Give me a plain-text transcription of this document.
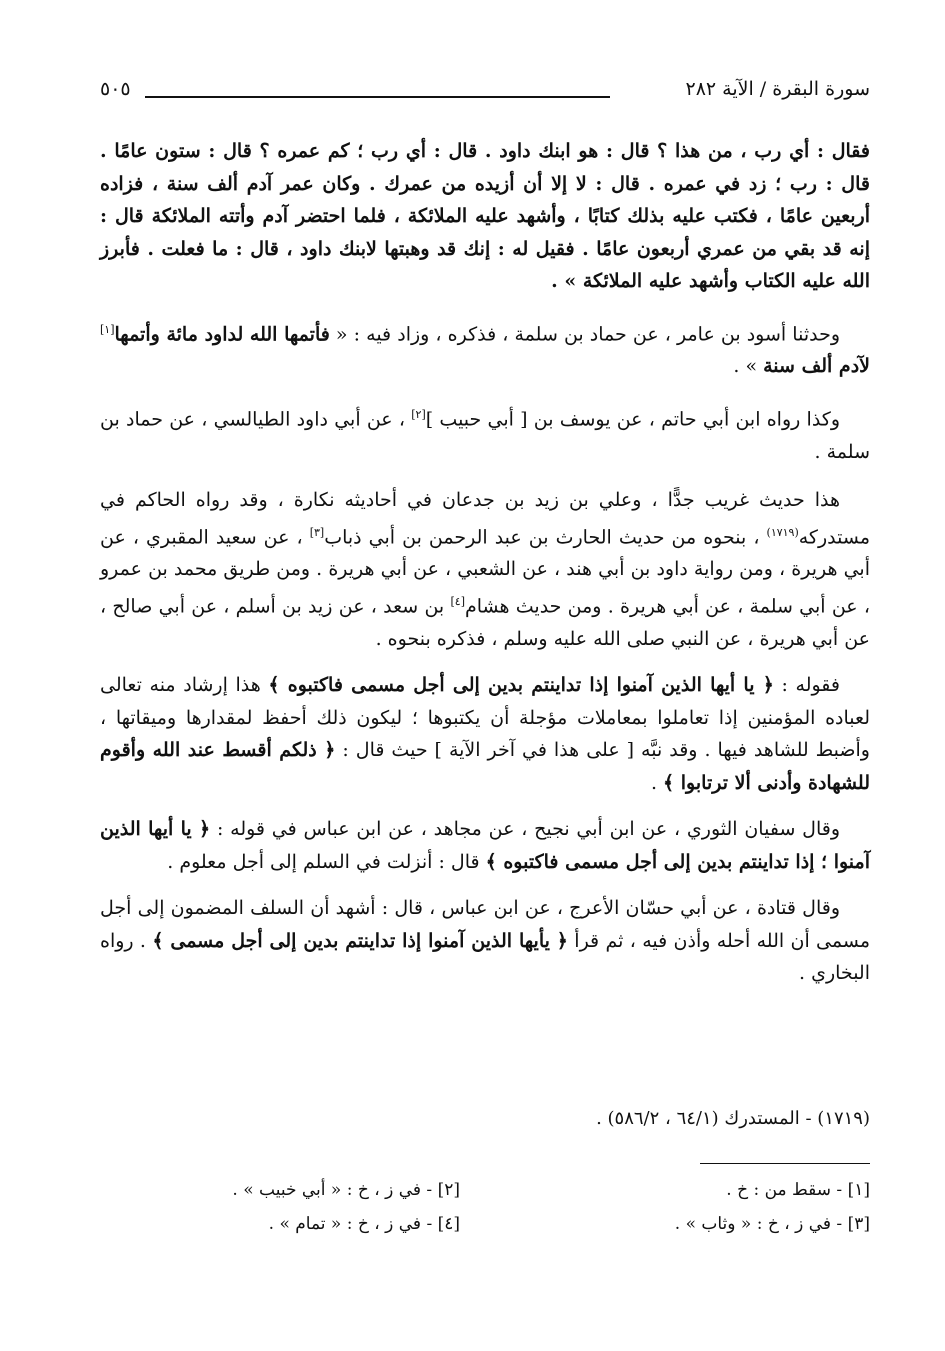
سورة البقرة / الآية ٢٨٢
٥٠٥

فقال : أي رب ، من هذا ؟ قال : هو ابنك داود . قال : أي رب ؛ كم عمره ؟ قال : ستون عامًا . قال : رب ؛ زد في عمره . قال : لا إلا أن أزيده من عمرك . وكان عمر آدم ألف سنة ، فزاده أربعين عامًا ، فكتب عليه بذلك كتابًا ، وأشهد عليه الملائكة ، فلما احتضر آدم وأتته الملائكة قال : إنه قد بقي من عمري أربعون عامًا . فقيل له : إنك قد وهبتها لابنك داود ، قال : ما فعلت . فأبرز الله عليه الكتاب وأشهد عليه الملائكة » .

وحدثنا أسود بن عامر ، عن حماد بن سلمة ، فذكره ، وزاد فيه : « فأتمها الله لداود مائة وأتمها[١] لآدم ألف سنة » .

وكذا رواه ابن أبي حاتم ، عن يوسف بن [ أبي حبيب ][٢] ، عن أبي داود الطيالسي ، عن حماد بن سلمة .

هذا حديث غريب جدًّا ، وعلي بن زيد بن جدعان في أحاديثه نكارة ، وقد رواه الحاكم في مستدركه$^{(١٧١٩)}$ ، بنحوه من حديث الحارث بن عبد الرحمن بن أبي ذباب[٣] ، عن سعيد المقبري ، عن أبي هريرة ، ومن رواية داود بن أبي هند ، عن الشعبي ، عن أبي هريرة . ومن طريق محمد بن عمرو ، عن أبي سلمة ، عن أبي هريرة . ومن حديث هشام[٤] بن سعد ، عن زيد بن أسلم ، عن أبي صالح ، عن أبي هريرة ، عن النبي صلى الله عليه وسلم ، فذكره بنحوه .

فقوله : ﴿ يا أيها الذين آمنوا إذا تداينتم بدين إلى أجل مسمى فاكتبوه ﴾ هذا إرشاد منه تعالى لعباده المؤمنين إذا تعاملوا بمعاملات مؤجلة أن يكتبوها ؛ ليكون ذلك أحفظ لمقدارها وميقاتها ، وأضبط للشاهد فيها . وقد نبَّه [ على هذا في آخر الآية ] حيث قال : ﴿ ذلكم أقسط عند الله وأقوم للشهادة وأدنى ألا ترتابوا ﴾ .

وقال سفيان الثوري ، عن ابن أبي نجيح ، عن مجاهد ، عن ابن عباس في قوله : ﴿ يا أيها الذين آمنوا ؛ إذا تداينتم بدين إلى أجل مسمى فاكتبوه ﴾ قال : أنزلت في السلم إلى أجل معلوم .

وقال قتادة ، عن أبي حسّان الأعرج ، عن ابن عباس ، قال : أشهد أن السلف المضمون إلى أجل مسمى أن الله أحله وأذن فيه ، ثم قرأ ﴿ يأيها الذين آمنوا إذا تداينتم بدين إلى أجل مسمى ﴾ . رواه البخاري .

(١٧١٩) - المستدرك (٦٤/١ ، ٥٨٦/٢) .
[١] - سقط من : خ .
[٢] - في ز ، خ : « أبي خبيب » .
[٣] - في ز ، خ : « وثاب » .
[٤] - في ز ، خ : « تمام » .
